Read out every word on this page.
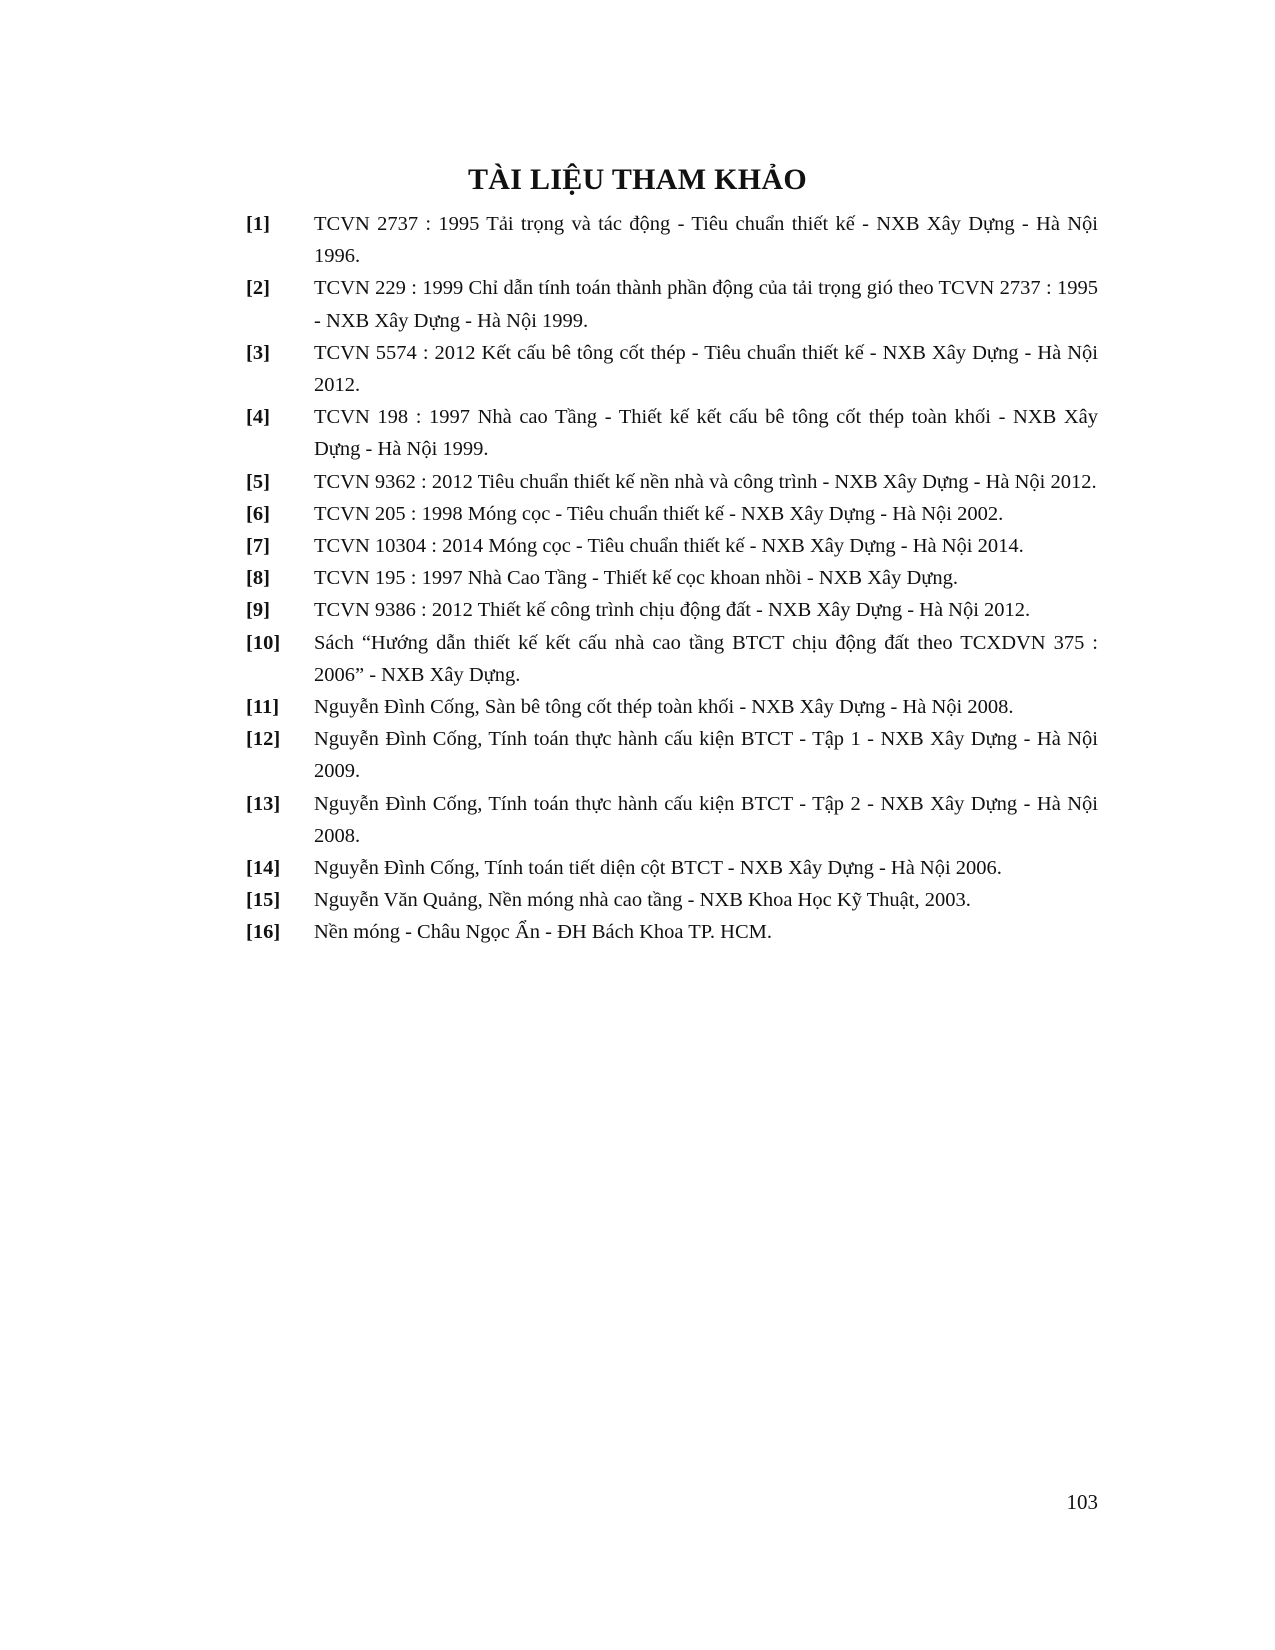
TÀI LIỆU THAM KHẢO
[1] TCVN 2737 : 1995 Tải trọng và tác động - Tiêu chuẩn thiết kế - NXB Xây Dựng - Hà Nội 1996.
[2] TCVN 229 : 1999 Chỉ dẫn tính toán thành phần động của tải trọng gió theo TCVN 2737 : 1995 - NXB Xây Dựng - Hà Nội 1999.
[3] TCVN 5574 : 2012 Kết cấu bê tông cốt thép - Tiêu chuẩn thiết kế - NXB Xây Dựng - Hà Nội 2012.
[4] TCVN 198 : 1997 Nhà cao Tầng - Thiết kế kết cấu bê tông cốt thép toàn khối - NXB Xây Dựng - Hà Nội 1999.
[5] TCVN 9362 : 2012 Tiêu chuẩn thiết kế nền nhà và công trình - NXB Xây Dựng - Hà Nội 2012.
[6] TCVN 205 : 1998 Móng cọc - Tiêu chuẩn thiết kế - NXB Xây Dựng - Hà Nội 2002.
[7] TCVN 10304 : 2014 Móng cọc - Tiêu chuẩn thiết kế - NXB Xây Dựng - Hà Nội 2014.
[8] TCVN 195 : 1997 Nhà Cao Tầng - Thiết kế cọc khoan nhồi - NXB Xây Dựng.
[9] TCVN 9386 : 2012 Thiết kế công trình chịu động đất - NXB Xây Dựng - Hà Nội 2012.
[10] Sách “Hướng dẫn thiết kế kết cấu nhà cao tầng BTCT chịu động đất theo TCXDVN 375 : 2006” - NXB Xây Dựng.
[11] Nguyễn Đình Cống, Sàn bê tông cốt thép toàn khối - NXB Xây Dựng - Hà Nội 2008.
[12] Nguyễn Đình Cống, Tính toán thực hành cấu kiện BTCT - Tập 1 - NXB Xây Dựng - Hà Nội 2009.
[13] Nguyễn Đình Cống, Tính toán thực hành cấu kiện BTCT - Tập 2 - NXB Xây Dựng - Hà Nội 2008.
[14] Nguyễn Đình Cống, Tính toán tiết diện cột BTCT - NXB Xây Dựng - Hà Nội 2006.
[15] Nguyễn Văn Quảng, Nền móng nhà cao tầng - NXB Khoa Học Kỹ Thuật, 2003.
[16] Nền móng - Châu Ngọc Ẩn - ĐH Bách Khoa TP. HCM.
103
